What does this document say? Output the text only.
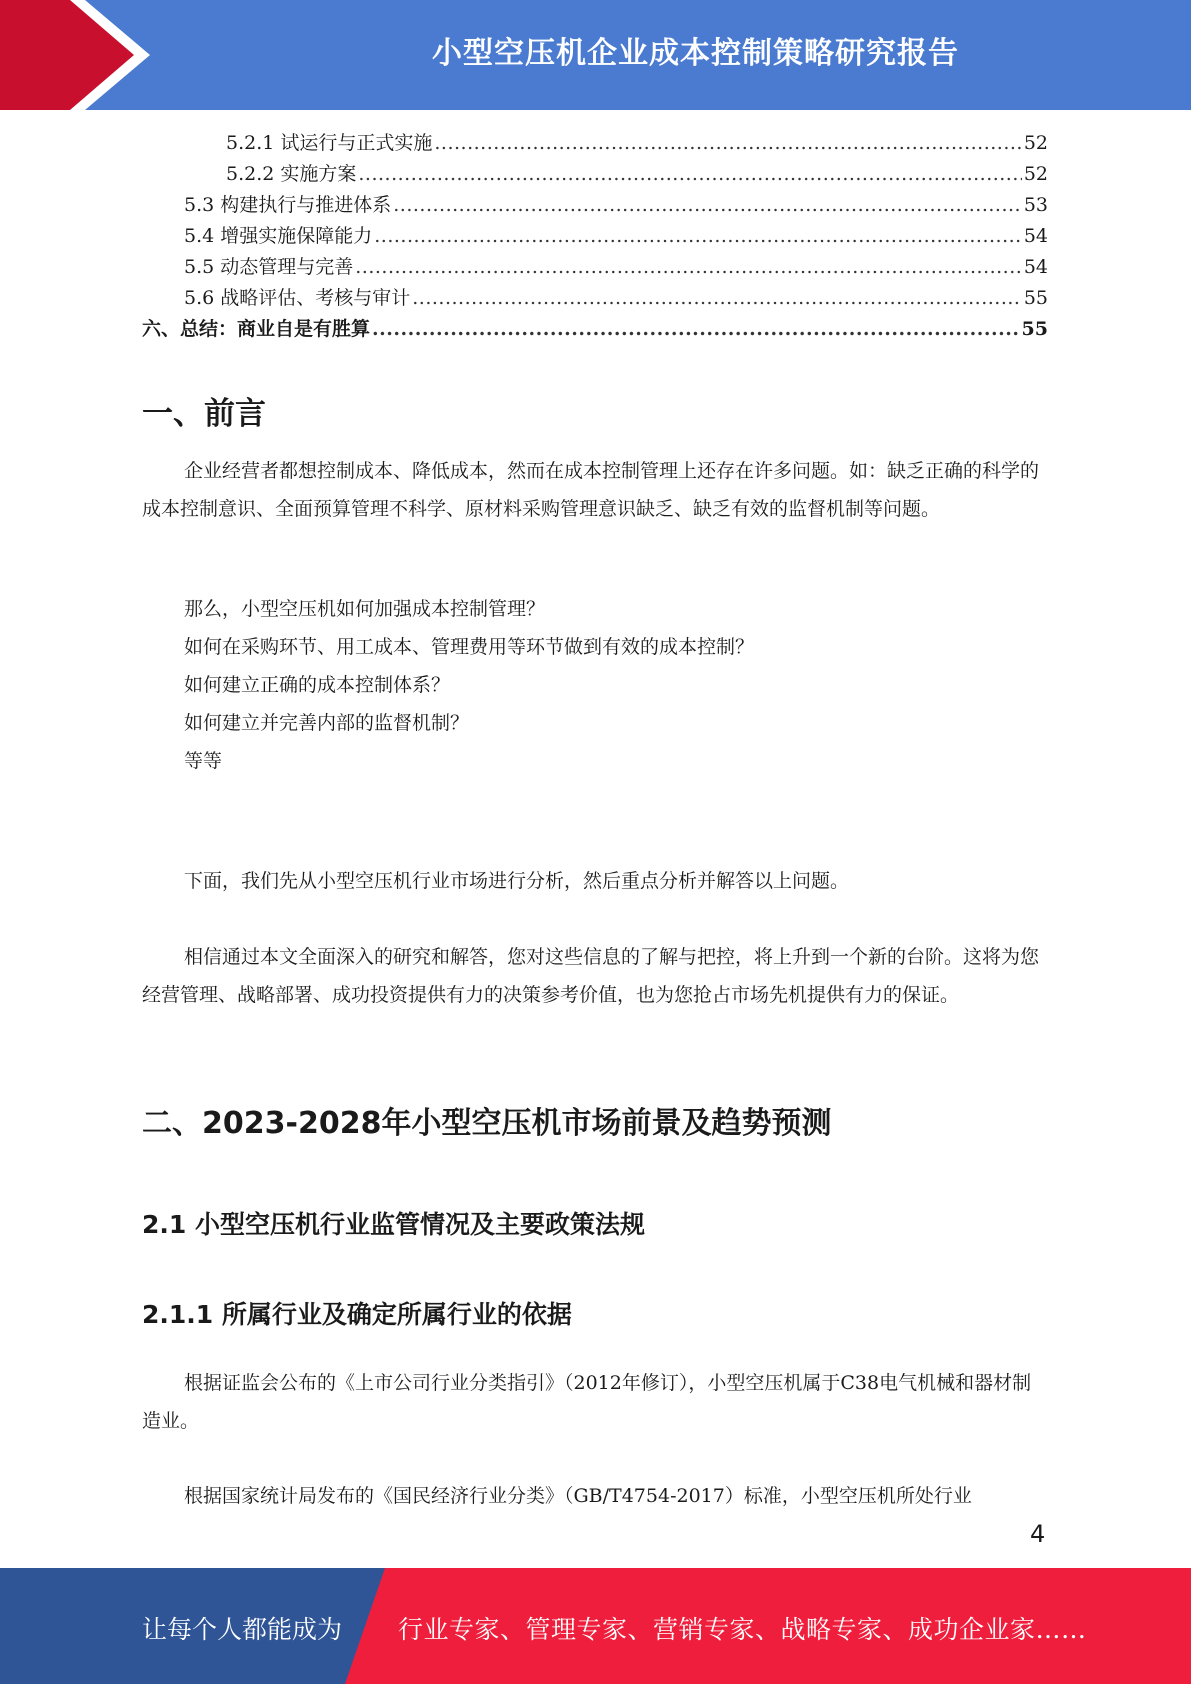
小型空压机企业成本控制策略研究报告
5.2.1 试运行与正式实施 .....	52
5.2.2 实施方案 .....	52
5.3 构建执行与推进体系 .....	53
5.4 增强实施保障能力 .....	54
5.5 动态管理与完善 .....	54
5.6 战略评估、考核与审计 .....	55
六、总结：商业自是有胜算 .....	55
一、前言

企业经营者都想控制成本、降低成本，然而在成本控制管理上还存在许多问题。如：缺乏正确的科学的成本控制意识、全面预算管理不科学、原材料采购管理意识缺乏、缺乏有效的监督机制等问题。

那么，小型空压机如何加强成本控制管理？

如何在采购环节、用工成本、管理费用等环节做到有效的成本控制？

如何建立正确的成本控制体系？

如何建立并完善内部的监督机制？

等等

下面，我们先从小型空压机行业市场进行分析，然后重点分析并解答以上问题。

相信通过本文全面深入的研究和解答，您对这些信息的了解与把控，将上升到一个新的台阶。这将为您经营管理、战略部署、成功投资提供有力的决策参考价值，也为您抢占市场先机提供有力的保证。

二、2023-2028年小型空压机市场前景及趋势预测
2.1 小型空压机行业监管情况及主要政策法规
2.1.1 所属行业及确定所属行业的依据

根据证监会公布的《上市公司行业分类指引》（2012年修订），小型空压机属于C38电气机械和器材制造业。

根据国家统计局发布的《国民经济行业分类》（GB/T4754-2017）标准，小型空压机所处行业

4
让每个人都能成为 行业专家、管理专家、营销专家、战略专家、成功企业家……
